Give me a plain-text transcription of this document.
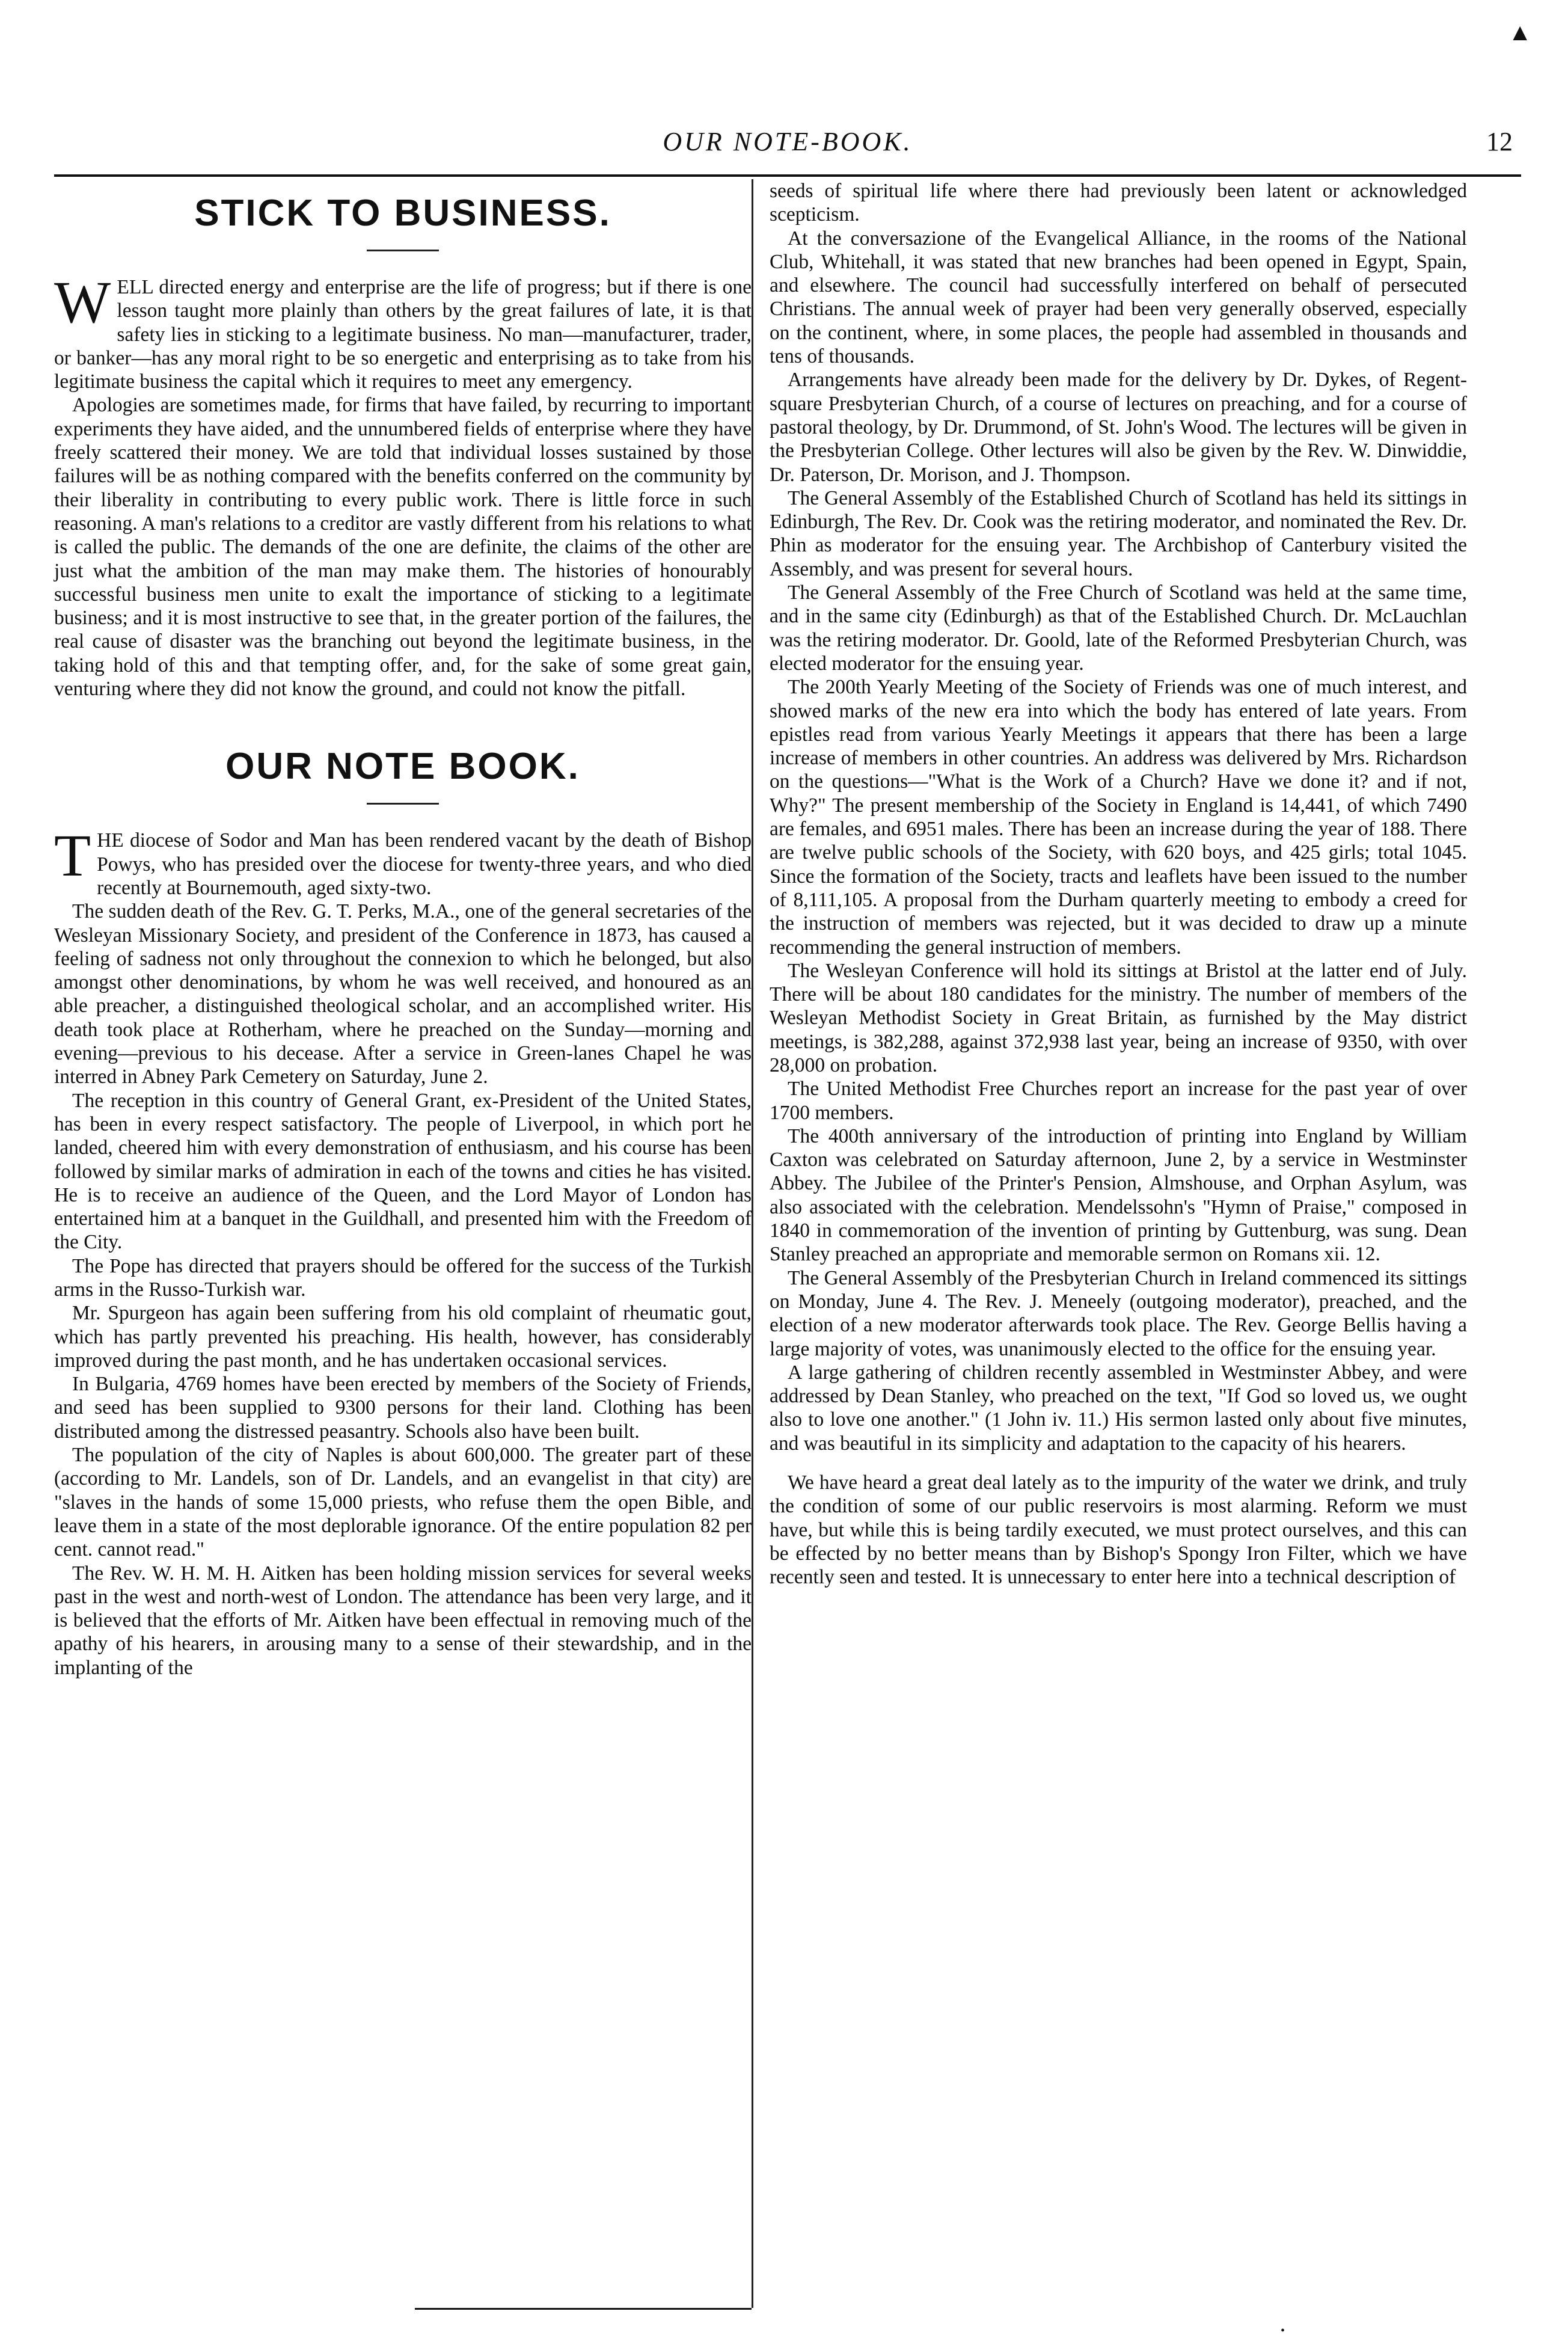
▲
OUR NOTE-BOOK.	12
STICK TO BUSINESS.

WELL directed energy and enterprise are the life of progress; but if there is one lesson taught more plainly than others by the great failures of late, it is that safety lies in sticking to a legitimate business. No man—manufacturer, trader, or banker—has any moral right to be so energetic and enterprising as to take from his legitimate business the capital which it requires to meet any emergency.

Apologies are sometimes made, for firms that have failed, by recurring to important experiments they have aided, and the unnumbered fields of enterprise where they have freely scattered their money. We are told that individual losses sustained by those failures will be as nothing compared with the benefits conferred on the community by their liberality in contributing to every public work. There is little force in such reasoning. A man's relations to a creditor are vastly different from his relations to what is called the public. The demands of the one are definite, the claims of the other are just what the ambition of the man may make them. The histories of honourably successful business men unite to exalt the importance of sticking to a legitimate business; and it is most instructive to see that, in the greater portion of the failures, the real cause of disaster was the branching out beyond the legitimate business, in the taking hold of this and that tempting offer, and, for the sake of some great gain, venturing where they did not know the ground, and could not know the pitfall.

OUR NOTE BOOK.

THE diocese of Sodor and Man has been rendered vacant by the death of Bishop Powys, who has presided over the diocese for twenty-three years, and who died recently at Bournemouth, aged sixty-two.

The sudden death of the Rev. G. T. Perks, M.A., one of the general secretaries of the Wesleyan Missionary Society, and president of the Conference in 1873, has caused a feeling of sadness not only throughout the connexion to which he belonged, but also amongst other denominations, by whom he was well received, and honoured as an able preacher, a distinguished theological scholar, and an accomplished writer. His death took place at Rotherham, where he preached on the Sunday—morning and evening—previous to his decease. After a service in Green-lanes Chapel he was interred in Abney Park Cemetery on Saturday, June 2.

The reception in this country of General Grant, ex-President of the United States, has been in every respect satisfactory. The people of Liverpool, in which port he landed, cheered him with every demonstration of enthusiasm, and his course has been followed by similar marks of admiration in each of the towns and cities he has visited. He is to receive an audience of the Queen, and the Lord Mayor of London has entertained him at a banquet in the Guildhall, and presented him with the Freedom of the City.

The Pope has directed that prayers should be offered for the success of the Turkish arms in the Russo-Turkish war.

Mr. Spurgeon has again been suffering from his old complaint of rheumatic gout, which has partly prevented his preaching. His health, however, has considerably improved during the past month, and he has undertaken occasional services.

In Bulgaria, 4769 homes have been erected by members of the Society of Friends, and seed has been supplied to 9300 persons for their land. Clothing has been distributed among the distressed peasantry. Schools also have been built.

The population of the city of Naples is about 600,000. The greater part of these (according to Mr. Landels, son of Dr. Landels, and an evangelist in that city) are "slaves in the hands of some 15,000 priests, who refuse them the open Bible, and leave them in a state of the most deplorable ignorance. Of the entire population 82 per cent. cannot read."

The Rev. W. H. M. H. Aitken has been holding mission services for several weeks past in the west and north-west of London. The attendance has been very large, and it is believed that the efforts of Mr. Aitken have been effectual in removing much of the apathy of his hearers, in arousing many to a sense of their stewardship, and in the implanting of the

seeds of spiritual life where there had previously been latent or acknowledged scepticism.

At the conversazione of the Evangelical Alliance, in the rooms of the National Club, Whitehall, it was stated that new branches had been opened in Egypt, Spain, and elsewhere. The council had successfully interfered on behalf of persecuted Christians. The annual week of prayer had been very generally observed, especially on the continent, where, in some places, the people had assembled in thousands and tens of thousands.

Arrangements have already been made for the delivery by Dr. Dykes, of Regent-square Presbyterian Church, of a course of lectures on preaching, and for a course of pastoral theology, by Dr. Drummond, of St. John's Wood. The lectures will be given in the Presbyterian College. Other lectures will also be given by the Rev. W. Dinwiddie, Dr. Paterson, Dr. Morison, and J. Thompson.

The General Assembly of the Established Church of Scotland has held its sittings in Edinburgh, The Rev. Dr. Cook was the retiring moderator, and nominated the Rev. Dr. Phin as moderator for the ensuing year. The Archbishop of Canterbury visited the Assembly, and was present for several hours.

The General Assembly of the Free Church of Scotland was held at the same time, and in the same city (Edinburgh) as that of the Established Church. Dr. McLauchlan was the retiring moderator. Dr. Goold, late of the Reformed Presbyterian Church, was elected moderator for the ensuing year.

The 200th Yearly Meeting of the Society of Friends was one of much interest, and showed marks of the new era into which the body has entered of late years. From epistles read from various Yearly Meetings it appears that there has been a large increase of members in other countries. An address was delivered by Mrs. Richardson on the questions—"What is the Work of a Church? Have we done it? and if not, Why?" The present membership of the Society in England is 14,441, of which 7490 are females, and 6951 males. There has been an increase during the year of 188. There are twelve public schools of the Society, with 620 boys, and 425 girls; total 1045. Since the formation of the Society, tracts and leaflets have been issued to the number of 8,111,105. A proposal from the Durham quarterly meeting to embody a creed for the instruction of members was rejected, but it was decided to draw up a minute recommending the general instruction of members.

The Wesleyan Conference will hold its sittings at Bristol at the latter end of July. There will be about 180 candidates for the ministry. The number of members of the Wesleyan Methodist Society in Great Britain, as furnished by the May district meetings, is 382,288, against 372,938 last year, being an increase of 9350, with over 28,000 on probation.

The United Methodist Free Churches report an increase for the past year of over 1700 members.

The 400th anniversary of the introduction of printing into England by William Caxton was celebrated on Saturday afternoon, June 2, by a service in Westminster Abbey. The Jubilee of the Printer's Pension, Almshouse, and Orphan Asylum, was also associated with the celebration. Mendelssohn's "Hymn of Praise," composed in 1840 in commemoration of the invention of printing by Guttenburg, was sung. Dean Stanley preached an appropriate and memorable sermon on Romans xii. 12.

The General Assembly of the Presbyterian Church in Ireland commenced its sittings on Monday, June 4. The Rev. J. Meneely (outgoing moderator), preached, and the election of a new moderator afterwards took place. The Rev. George Bellis having a large majority of votes, was unanimously elected to the office for the ensuing year.

A large gathering of children recently assembled in Westminster Abbey, and were addressed by Dean Stanley, who preached on the text, "If God so loved us, we ought also to love one another." (1 John iv. 11.) His sermon lasted only about five minutes, and was beautiful in its simplicity and adaptation to the capacity of his hearers.

We have heard a great deal lately as to the impurity of the water we drink, and truly the condition of some of our public reservoirs is most alarming. Reform we must have, but while this is being tardily executed, we must protect ourselves, and this can be effected by no better means than by Bishop's Spongy Iron Filter, which we have recently seen and tested. It is unnecessary to enter here into a technical description of

•
